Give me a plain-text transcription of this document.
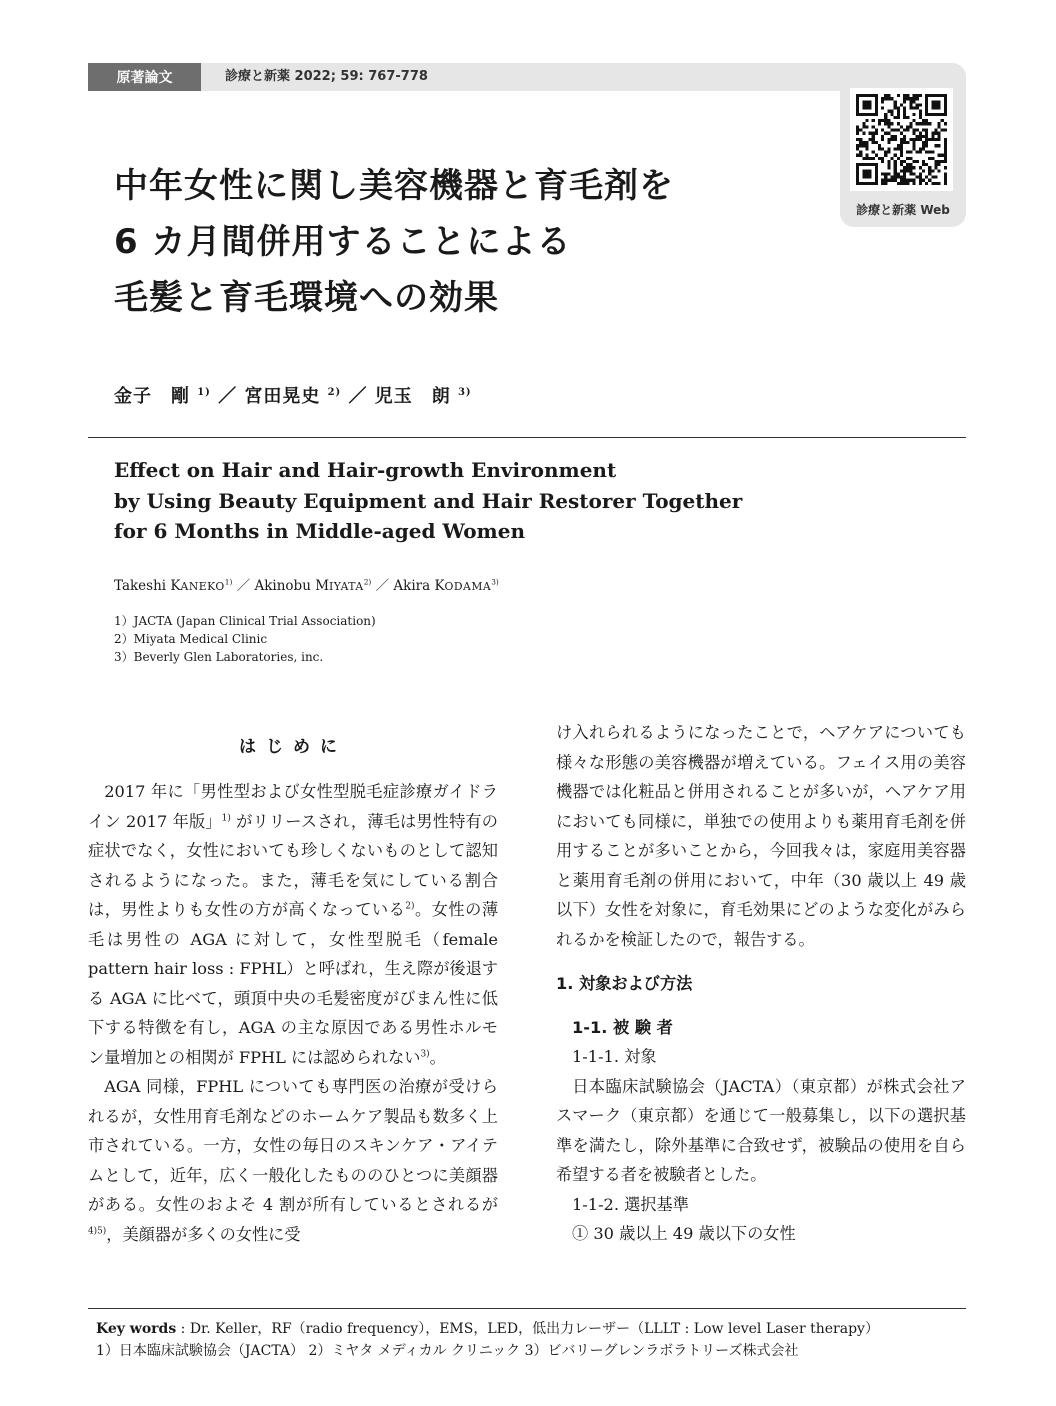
原著論文	診療と新薬 2022; 59: 767-778
診療と新薬 Web
中年女性に関し美容機器と育毛剤を
6 カ月間併用することによる
毛髪と育毛環境への効果
金子　剛 $^{1)}$ ／ 宮田晃史 $^{2)}$ ／ 児玉　朗 $^{3)}$
Effect on Hair and Hair-growth Environment
by Using Beauty Equipment and Hair Restorer Together
for 6 Months in Middle-aged Women
Takeshi KANEKO$^{1)}$ ／ Akinobu MIYATA$^{2)}$ ／ Akira KODAMA$^{3)}$
1）JACTA (Japan Clinical Trial Association)
2）Miyata Medical Clinic
3）Beverly Glen Laboratories, inc.
はじめに

2017 年に「男性型および女性型脱毛症診療ガイドライン 2017 年版」$^{1)}$ がリリースされ，薄毛は男性特有の症状でなく，女性においても珍しくないものとして認知されるようになった。また，薄毛を気にしている割合は，男性よりも女性の方が高くなっている$^{2)}$。女性の薄毛は男性の AGA に対して，女性型脱毛（female pattern hair loss : FPHL）と呼ばれ，生え際が後退する AGA に比べて，頭頂中央の毛髪密度がびまん性に低下する特徴を有し，AGA の主な原因である男性ホルモン量増加との相関が FPHL には認められない$^{3)}$。

AGA 同様，FPHL についても専門医の治療が受けられるが，女性用育毛剤などのホームケア製品も数多く上市されている。一方，女性の毎日のスキンケア・アイテムとして，近年，広く一般化したもののひとつに美顔器がある。女性のおよそ 4 割が所有しているとされるが$^{4)5)}$，美顔器が多くの女性に受

け入れられるようになったことで，ヘアケアについても様々な形態の美容機器が増えている。フェイス用の美容機器では化粧品と併用されることが多いが，ヘアケア用においても同様に，単独での使用よりも薬用育毛剤を併用することが多いことから，今回我々は，家庭用美容器と薬用育毛剤の併用において，中年（30 歳以上 49 歳以下）女性を対象に，育毛効果にどのような変化がみられるかを検証したので，報告する。

1. 対象および方法

1-1. 被 験 者

1-1-1. 対象

日本臨床試験協会（JACTA）（東京都）が株式会社アスマーク（東京都）を通じて一般募集し，以下の選択基準を満たし，除外基準に合致せず，被験品の使用を自ら希望する者を被験者とした。

1-1-2. 選択基準

① 30 歳以上 49 歳以下の女性

Key words : Dr. Keller，RF（radio frequency），EMS，LED，低出力レーザー（LLLT : Low level Laser therapy）
1）日本臨床試験協会（JACTA） 2）ミヤタ メディカル クリニック 3）ビバリーグレンラボラトリーズ株式会社
